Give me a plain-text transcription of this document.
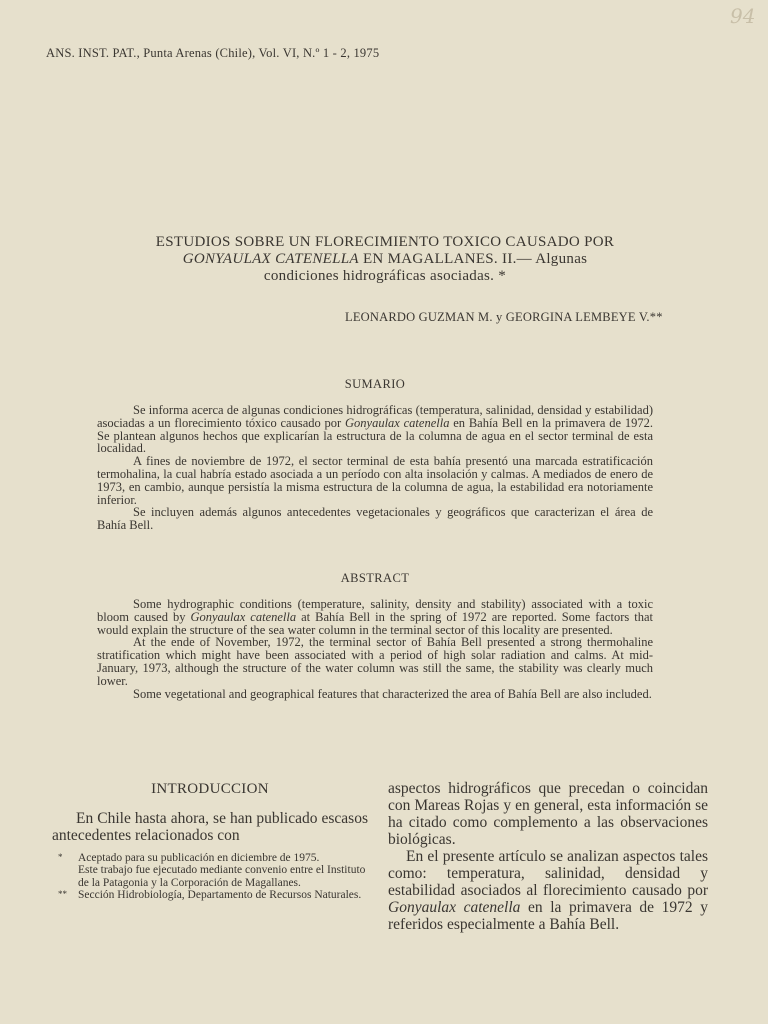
94
ANS. INST. PAT., Punta Arenas (Chile), Vol. VI, N.º 1 - 2, 1975

ESTUDIOS SOBRE UN FLORECIMIENTO TOXICO CAUSADO POR

GONYAULAX CATENELLA EN MAGALLANES. II.— Algunas

condiciones hidrográficas asociadas. *

LEONARDO GUZMAN M. y GEORGINA LEMBEYE V.**
SUMARIO

Se informa acerca de algunas condiciones hidrográficas (temperatura, salinidad, densidad y estabilidad) asociadas a un florecimiento tóxico causado por Gonyaulax catenella en Bahía Bell en la primavera de 1972. Se plantean algunos hechos que explicarían la estructura de la columna de agua en el sector terminal de esta localidad.

A fines de noviembre de 1972, el sector terminal de esta bahía presentó una marcada estratificación termohalina, la cual habría estado asociada a un período con alta insolación y calmas. A mediados de enero de 1973, en cambio, aunque persistía la misma estructura de la columna de agua, la estabilidad era notoriamente inferior.

Se incluyen además algunos antecedentes vegetacionales y geográficos que caracterizan el área de Bahía Bell.

ABSTRACT

Some hydrographic conditions (temperature, salinity, density and stability) associated with a toxic bloom caused by Gonyaulax catenella at Bahía Bell in the spring of 1972 are reported. Some factors that would explain the structure of the sea water column in the terminal sector of this locality are presented.

At the ende of November, 1972, the terminal sector of Bahía Bell presented a strong thermohaline stratification which might have been associated with a period of high solar radiation and calms. At mid-January, 1973, although the structure of the water column was still the same, the stability was clearly much lower.

Some vegetational and geographical features that characterized the area of Bahía Bell are also included.

INTRODUCCION

En Chile hasta ahora, se han publicado escasos antecedentes relacionados con

* Aceptado para su publicación en diciembre de 1975.
Este trabajo fue ejecutado mediante convenio entre el Instituto de la Patagonia y la Corporación de Magallanes.
** Sección Hidrobiología, Departamento de Recursos Naturales.

aspectos hidrográficos que precedan o coincidan con Mareas Rojas y en general, esta información se ha citado como complemento a las observaciones biológicas.

En el presente artículo se analizan aspectos tales como: temperatura, salinidad, densidad y estabilidad asociados al florecimiento causado por Gonyaulax catenella en la primavera de 1972 y referidos especialmente a Bahía Bell.
